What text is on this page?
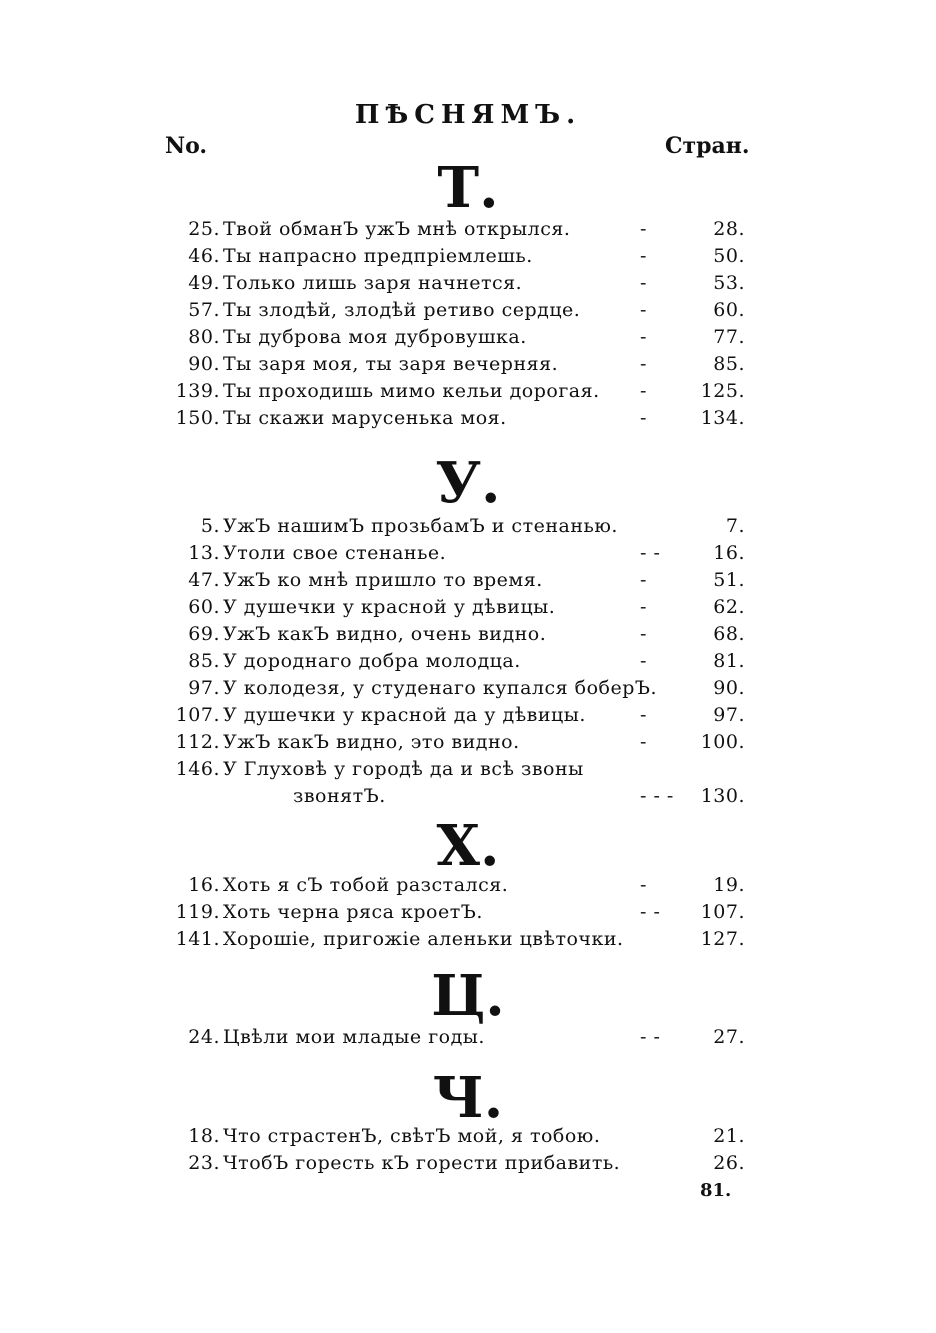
ПѢСНЯМЪ.
No.	Стран.
Т.
25. Твой обманЪ ужЪ мнѣ открылся.	-	28.
46. Ты напрасно предпріемлешь.	-	50.
49. Только лишь заря начнется.	-	53.
57. Ты злодѣй, злодѣй ретиво сердце.	-	60.
80. Ты дуброва моя дубровушка.	-	77.
90. Ты заря моя, ты заря вечерняя.	-	85.
139. Ты проходишь мимо кельи дорогая. -	125.
150. Ты скажи марусенька моя.	-	134.
У.
5. УжЪ нашимЪ прозьбамЪ и стенанью.	7.
13. Утоли свое стенанье.	- -	16.
47. УжЪ ко мнѣ пришло то время.	-	51.
60. У душечки у красной у дѣвицы.	-	62.
69. УжЪ какЪ видно, очень видно.	-	68.
85. У дороднаго добра молодца.	-	81.
97. У колодезя, у студенаго купался боберЪ.	90.
107. У душечки у красной да у дѣвицы.	-	97.
112. УжЪ какЪ видно, это видно.	-	100.
146. У Глуховѣ у городѣ да и всѣ звоны
звонятЪ.	- - - 130.
Х.
16. Хоть я сЪ тобой разстался.	-	19.
119. Хоть черна ряса кроетЪ.	- - 107.
141. Хорошіе, пригожіе аленьки цвѣточки.	127.
Ц.
24. Цвѣли мои младые годы.	- -	27.
Ч.
18. Что страстенЪ, свѣтЪ мой, я тобою.	21.
23. ЧтобЪ горесть кЪ горести прибавить.	26.
81.
